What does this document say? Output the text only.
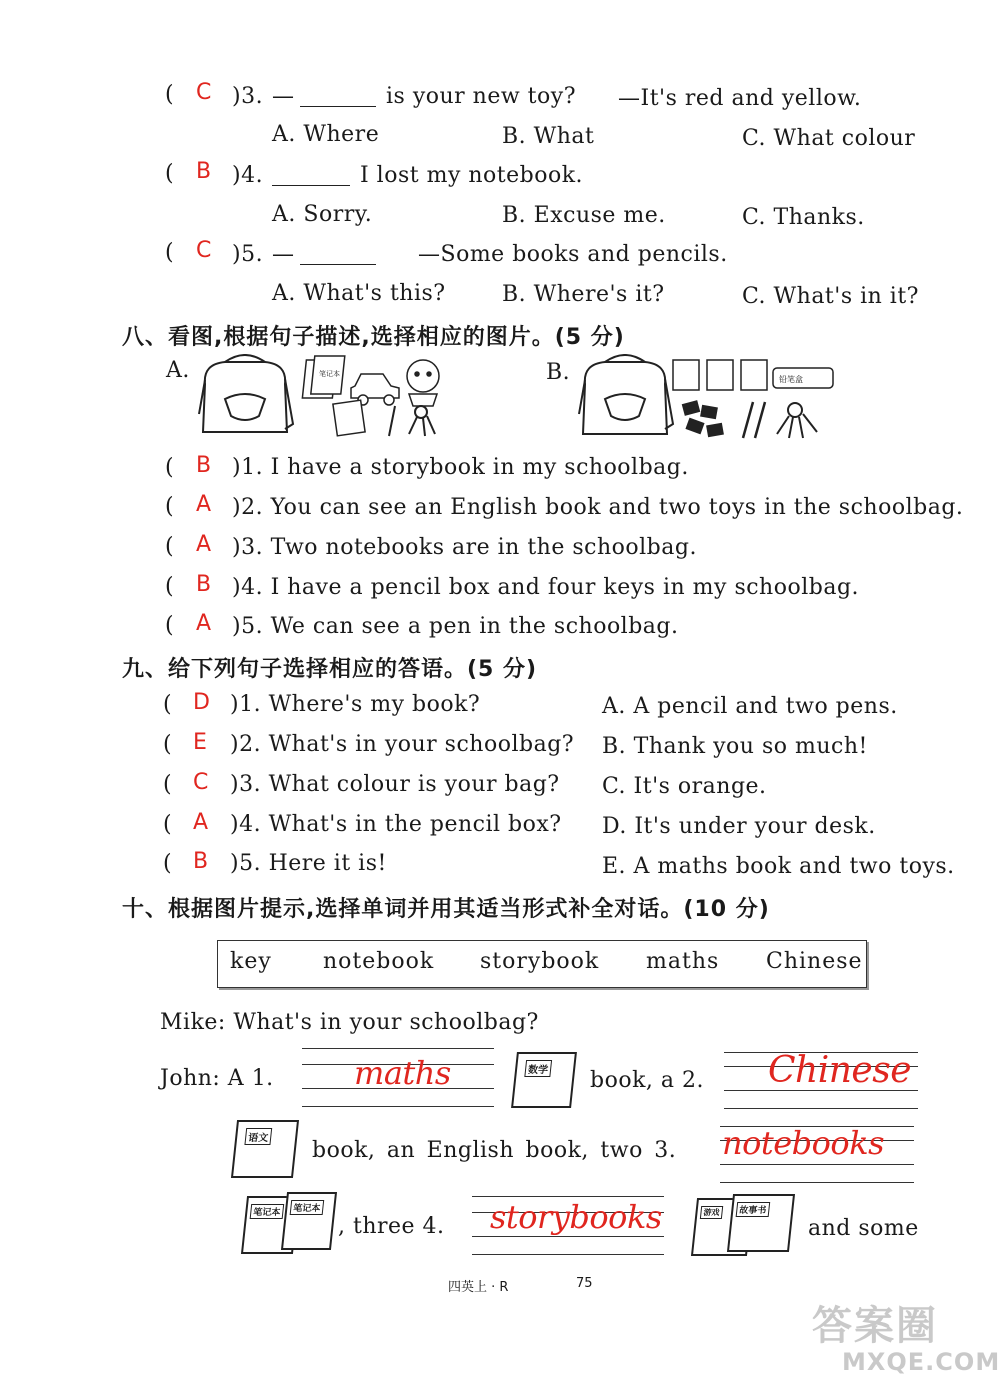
( C )3. —	is your new toy? —It's red and yellow.
A. Where	B. What	C. What colour
( B )4.	I lost my notebook.
A. Sorry.	B. Excuse me.	C. Thanks.
( C )5. —	—Some books and pencils.
A. What's this?	B. Where's it?	C. What's in it?
八、看图,根据句子描述,选择相应的图片。(5 分)
A.	笔记本	B.	铅笔盒
( B )1. I have a storybook in my schoolbag.
( A )2. You can see an English book and two toys in the schoolbag.
( A )3. Two notebooks are in the schoolbag.
( B )4. I have a pencil box and four keys in my schoolbag.
( A )5. We can see a pen in the schoolbag.
九、给下列句子选择相应的答语。(5 分)
( D )1. Where's my book?	A. A pencil and two pens.
( E )2. What's in your schoolbag? B. Thank you so much!
( C )3. What colour is your bag? C. It's orange.
( A )4. What's in the pencil box? D. It's under your desk.
( B )5. Here it is!	E. A maths book and two toys.
十、根据图片提示,选择单词并用其适当形式补全对话。(10 分)
key notebook storybook maths Chinese
Mike: What's in your schoolbag?
John: A 1.	maths	数学 book, a 2. Chinese
语文 book, an English book, two 3. notebooks
笔记本	笔记本
, three 4. storybooks	游戏	故事书
and some
四英上 · R	75
答案圈
MXQE.COM
